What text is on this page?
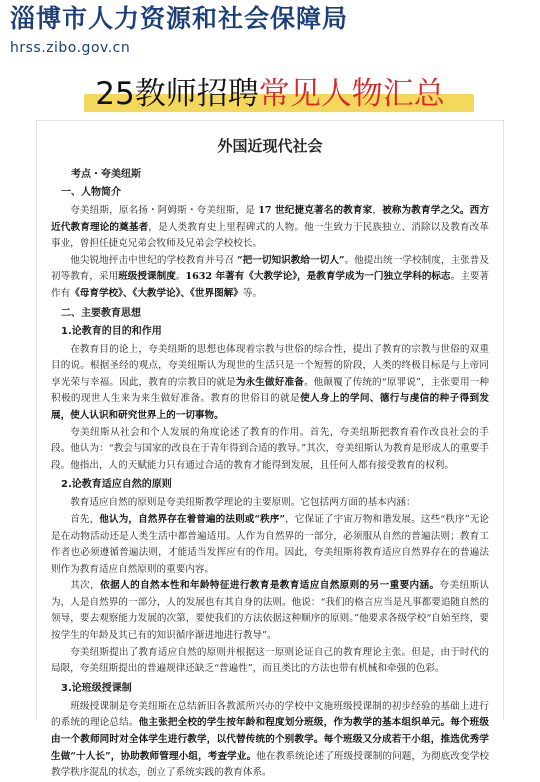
淄博市人力资源和社会保障局
hrss.zibo.gov.cn
25教师招聘常见人物汇总
外国近现代社会
考点・夸美纽斯
一、人物简介

夸美纽斯，原名扬・阿姆斯・夸美纽斯，是 17 世纪捷克著名的教育家，被称为教育学之父。西方近代教育理论的奠基者，是人类教育史上里程碑式的人物。他一生致力于民族独立、消除以及教育改革事业，曾担任捷克兄弟会牧师及兄弟会学校校长。

他尖锐地抨击中世纪的学校教育并号召 “把一切知识教给一切人”。他提出统一学校制度，主张普及初等教育，采用班级授课制度。1632 年著有《大教学论》，是教育学成为一门独立学科的标志。主要著作有《母育学校》、《大教学论》、《世界图解》等。

二、主要教育思想
1.论教育的目的和作用

在教育目的论上，夸美纽斯的思想也体现着宗教与世俗的综合性，提出了教育的宗教与世俗的双重目的说。根据圣经的观点，夸美纽斯认为现世的生活只是一个短暂的阶段，人类的终极目标是与上帝同享光荣与幸福。因此，教育的宗教目的就是为永生做好准备。他颠覆了传统的“原罪说”，主张要用一种积极的现世人生来为来生做好准备。教育的世俗目的就是使人身上的学问、德行与虔信的种子得到发展，使人认识和研究世界上的一切事物。

夸美纽斯从社会和个人发展的角度论述了教育的作用。首先，夸美纽斯把教育看作改良社会的手段。他认为：“教会与国家的改良在于青年得到合适的教导。”其次，夸美纽斯认为教育是形成人的重要手段。他指出，人的天赋能力只有通过合适的教育才能得到发展，且任何人都有接受教育的权利。

2.论教育适应自然的原则

教育适应自然的原则是夸美纽斯教学理论的主要原则。它包括两方面的基本内涵：

首先，他认为，自然界存在着普遍的法则或“秩序”，它保证了宇宙万物和谐发展。这些“秩序”无论是在动物活动还是人类生活中都普遍适用。人作为自然界的一部分，必须服从自然的普遍法则；教育工作者也必须遵循普遍法则，才能适当发挥应有的作用。因此，夸美纽斯将教育适应自然界存在的普遍法则作为教育适应自然原则的重要内容。

其次，依据人的自然本性和年龄特征进行教育是教育适应自然原则的另一重要内涵。夸美纽斯认为，人是自然界的一部分，人的发展也有其自身的法则。他说：“我们的格言应当是凡事都要追随自然的领导，要去观察能力发展的次第，要使我们的方法依据这种顺序的原则。”他要求各级学校“自始至终，要按学生的年龄及其已有的知识循序渐进地进行教导”。

夸美纽斯提出了教育适应自然的原则并根据这一原则论证自己的教育理论主张。但是，由于时代的局限，夸美纽斯提出的普遍规律还缺乏“普遍性”，而且类比的方法也带有机械和牵强的色彩。

3.论班级授课制

班级授课制是夸美纽斯在总结新旧各教派所兴办的学校中文施班级授课制的初步经验的基础上进行的系统的理论总结。他主张把全校的学生按年龄和程度划分班级，作为教学的基本组织单元。每个班级由一个教师同时对全体学生进行教学，以代替传统的个别教学。每个班级又分成若干小组，推选优秀学生做“十人长”，协助教师管理小组，考查学业。他在教系统论述了班级授课制的问题，为彻底改变学校教学秩序混乱的状态，创立了系统实践的教育体系。
